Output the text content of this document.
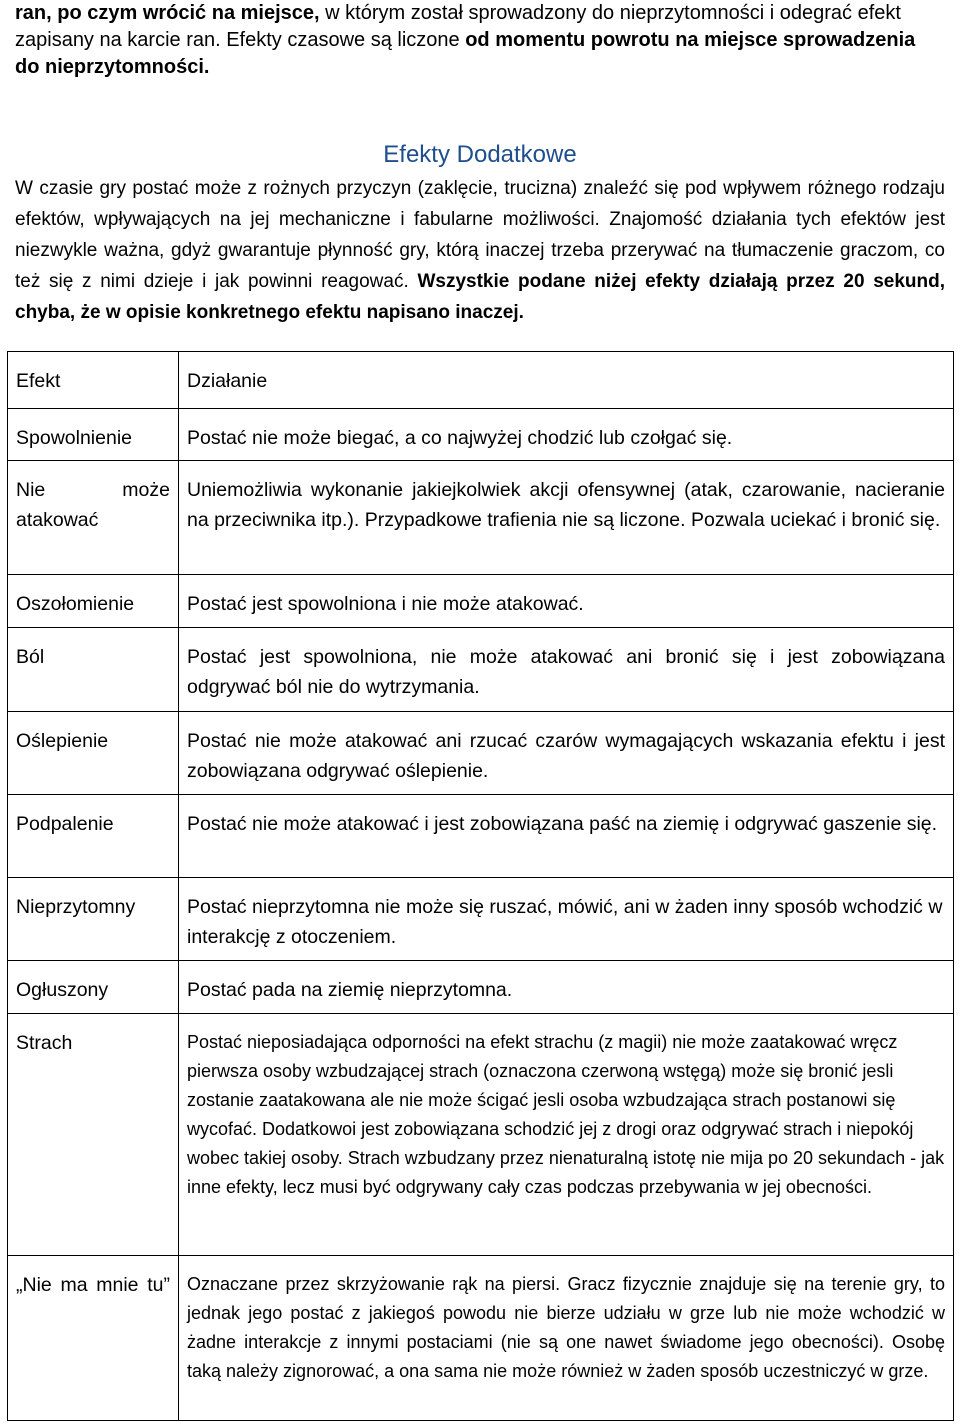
ran, po czym wrócić na miejsce, w którym został sprowadzony do nieprzytomności i odegrać efekt zapisany na karcie ran. Efekty czasowe są liczone od momentu powrotu na miejsce sprowadzenia do nieprzytomności.
Efekty Dodatkowe
W czasie gry postać może z rożnych przyczyn (zaklęcie, trucizna) znaleźć się pod wpływem różnego rodzaju efektów, wpływających na jej mechaniczne i fabularne możliwości. Znajomość działania tych efektów jest niezwykle ważna, gdyż gwarantuje płynność gry, którą inaczej trzeba przerywać na tłumaczenie graczom, co też się z nimi dzieje i jak powinni reagować. Wszystkie podane niżej efekty działają przez 20 sekund, chyba, że w opisie konkretnego efektu napisano inaczej.
Efekt	Działanie
Spowolnienie	Postać nie może biegać, a co najwyżej chodzić lub czołgać się.
Nie może atakować	Uniemożliwia wykonanie jakiejkolwiek akcji ofensywnej (atak, czarowanie, nacieranie na przeciwnika itp.). Przypadkowe trafienia nie są liczone. Pozwala uciekać i bronić się.
Oszołomienie	Postać jest spowolniona i nie może atakować.
Ból	Postać jest spowolniona, nie może atakować ani bronić się i jest zobowiązana odgrywać ból nie do wytrzymania.
Oślepienie	Postać nie może atakować ani rzucać czarów wymagających wskazania efektu i jest zobowiązana odgrywać oślepienie.
Podpalenie	Postać nie może atakować i jest zobowiązana paść na ziemię i odgrywać gaszenie się.
Nieprzytomny	Postać nieprzytomna nie może się ruszać, mówić, ani w żaden inny sposób wchodzić w interakcję z otoczeniem.
Ogłuszony	Postać pada na ziemię nieprzytomna.
Strach	Postać nieposiadająca odporności na efekt strachu (z magii) nie może zaatakować wręcz pierwsza osoby wzbudzającej strach (oznaczona czerwoną wstęgą) może się bronić jesli zostanie zaatakowana ale nie może ścigać jesli osoba wzbudzająca strach postanowi się wycofać. Dodatkowoi jest zobowiązana schodzić jej z drogi oraz odgrywać strach i niepokój wobec takiej osoby. Strach wzbudzany przez nienaturalną istotę nie mija po 20 sekundach - jak inne efekty, lecz musi być odgrywany cały czas podczas przebywania w jej obecności.
„Nie ma mnie tu”	Oznaczane przez skrzyżowanie rąk na piersi. Gracz fizycznie znajduje się na terenie gry, to jednak jego postać z jakiegoś powodu nie bierze udziału w grze lub nie może wchodzić w żadne interakcje z innymi postaciami (nie są one nawet świadome jego obecności). Osobę taką należy zignorować, a ona sama nie może również w żaden sposób uczestniczyć w grze.
